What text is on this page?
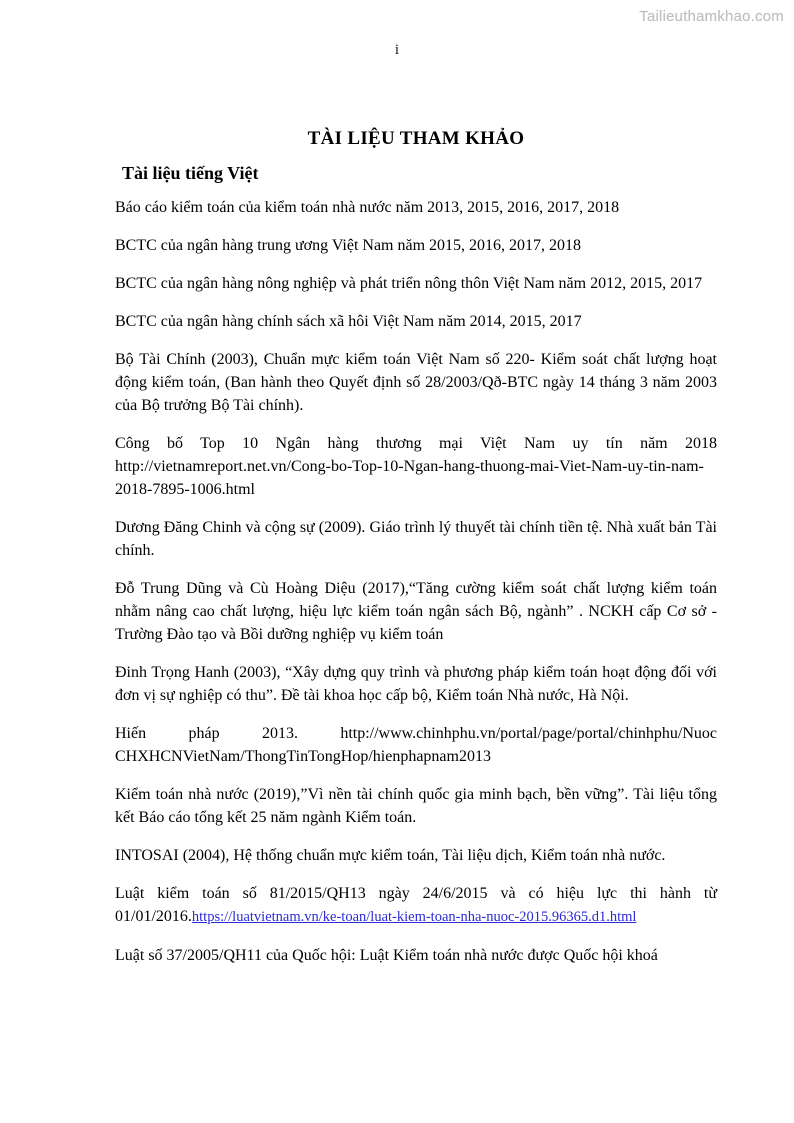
Tailieuthamkhao.com
i
TÀI LIỆU THAM KHẢO
Tài liệu tiếng Việt

Báo cáo kiểm toán của kiểm toán nhà nước năm 2013, 2015, 2016, 2017, 2018

BCTC của ngân hàng trung ương Việt Nam năm 2015, 2016, 2017, 2018

BCTC của ngân hàng nông nghiệp và phát triển nông thôn Việt Nam năm 2012, 2015, 2017

BCTC của ngân hàng chính sách xã hôi Việt Nam năm 2014, 2015, 2017

Bộ Tài Chính (2003), Chuẩn mực kiểm toán Việt Nam số 220- Kiểm soát chất lượng hoạt động kiểm toán, (Ban hành theo Quyết định số 28/2003/Qð-BTC ngày 14 tháng 3 năm 2003 của Bộ trưởng Bộ Tài chính).

Công bố Top 10 Ngân hàng thương mại Việt Nam uy tín năm 2018 http://vietnamreport.net.vn/Cong-bo-Top-10-Ngan-hang-thuong-mai-Viet-Nam-uy-tin-nam-2018-7895-1006.html

Dương Đăng Chinh và cộng sự (2009). Giáo trình lý thuyết tài chính tiền tệ. Nhà xuất bản Tài chính.

Đỗ Trung Dũng và Cù Hoàng Diệu (2017),“Tăng cường kiểm soát chất lượng kiểm toán nhằm nâng cao chất lượng, hiệu lực kiểm toán ngân sách Bộ, ngành” . NCKH cấp Cơ sở -Trường Đào tạo và Bồi dưỡng nghiệp vụ kiểm toán

Đinh Trọng Hanh (2003), “Xây dựng quy trình và phương pháp kiểm toán hoạt động đối với đơn vị sự nghiệp có thu”. Đề tài khoa học cấp bộ, Kiểm toán Nhà nước, Hà Nội.

Hiến pháp 2013. http://www.chinhphu.vn/portal/page/portal/chinhphu/Nuoc CHXHCNVietNam/ThongTinTongHop/hienphapnam2013

Kiểm toán nhà nước (2019),”Vì nền tài chính quốc gia minh bạch, bền vững”. Tài liệu tổng kết Báo cáo tổng kết 25 năm ngành Kiểm toán.

INTOSAI (2004), Hệ thống chuẩn mực kiểm toán, Tài liệu dịch, Kiểm toán nhà nước.

Luật kiểm toán số 81/2015/QH13 ngày 24/6/2015 và có hiệu lực thi hành từ 01/01/2016.https://luatvietnam.vn/ke-toan/luat-kiem-toan-nha-nuoc-2015.96365.d1.html

Luật số 37/2005/QH11 của Quốc hội: Luật Kiểm toán nhà nước được Quốc hội khoá
